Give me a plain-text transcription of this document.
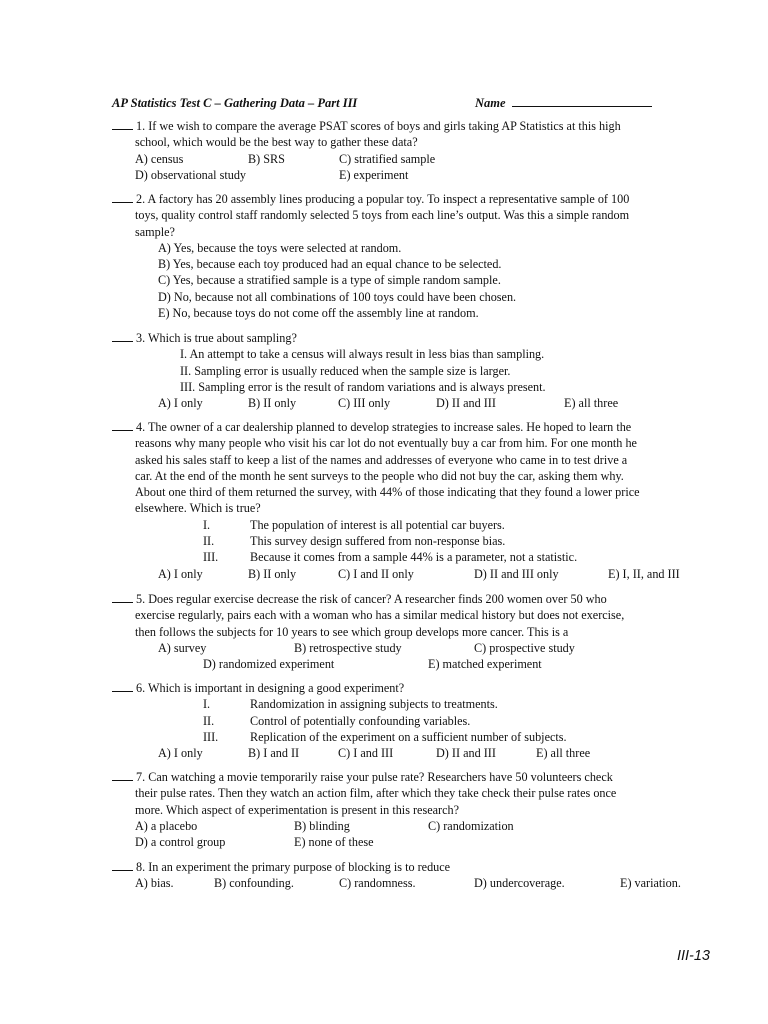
AP Statistics Test C – Gathering Data – Part III	Name
1. If we wish to compare the average PSAT scores of boys and girls taking AP Statistics at this high
school, which would be the best way to gather these data?
A) census	B) SRS	C) stratified sample
D) observational study	E) experiment
2. A factory has 20 assembly lines producing a popular toy. To inspect a representative sample of 100
toys, quality control staff randomly selected 5 toys from each line’s output. Was this a simple random
sample?
A) Yes, because the toys were selected at random.
B) Yes, because each toy produced had an equal chance to be selected.
C) Yes, because a stratified sample is a type of simple random sample.
D) No, because not all combinations of 100 toys could have been chosen.
E) No, because toys do not come off the assembly line at random.
3. Which is true about sampling?
I. An attempt to take a census will always result in less bias than sampling.
II. Sampling error is usually reduced when the sample size is larger.
III. Sampling error is the result of random variations and is always present.
A) I only	B) II only	C) III only	D) II and III	E) all three
4. The owner of a car dealership planned to develop strategies to increase sales. He hoped to learn the
reasons why many people who visit his car lot do not eventually buy a car from him. For one month he
asked his sales staff to keep a list of the names and addresses of everyone who came in to test drive a
car. At the end of the month he sent surveys to the people who did not buy the car, asking them why.
About one third of them returned the survey, with 44% of those indicating that they found a lower price
elsewhere. Which is true?
I.	The population of interest is all potential car buyers.
II.	This survey design suffered from non-response bias.
III.	Because it comes from a sample 44% is a parameter, not a statistic.
A) I only	B) II only	C) I and II only	D) II and III only	E) I, II, and III
5. Does regular exercise decrease the risk of cancer? A researcher finds 200 women over 50 who
exercise regularly, pairs each with a woman who has a similar medical history but does not exercise,
then follows the subjects for 10 years to see which group develops more cancer. This is a
A) survey	B) retrospective study	C) prospective study
D) randomized experiment	E) matched experiment
6. Which is important in designing a good experiment?
I.	Randomization in assigning subjects to treatments.
II.	Control of potentially confounding variables.
III.	Replication of the experiment on a sufficient number of subjects.
A) I only	B) I and II	C) I and III	D) II and III	E) all three
7. Can watching a movie temporarily raise your pulse rate? Researchers have 50 volunteers check
their pulse rates. Then they watch an action film, after which they take check their pulse rates once
more. Which aspect of experimentation is present in this research?
A) a placebo	B) blinding	C) randomization
D) a control group	E) none of these
8. In an experiment the primary purpose of blocking is to reduce
A) bias.	B) confounding.	C) randomness.	D) undercoverage.	E) variation.
III-13
